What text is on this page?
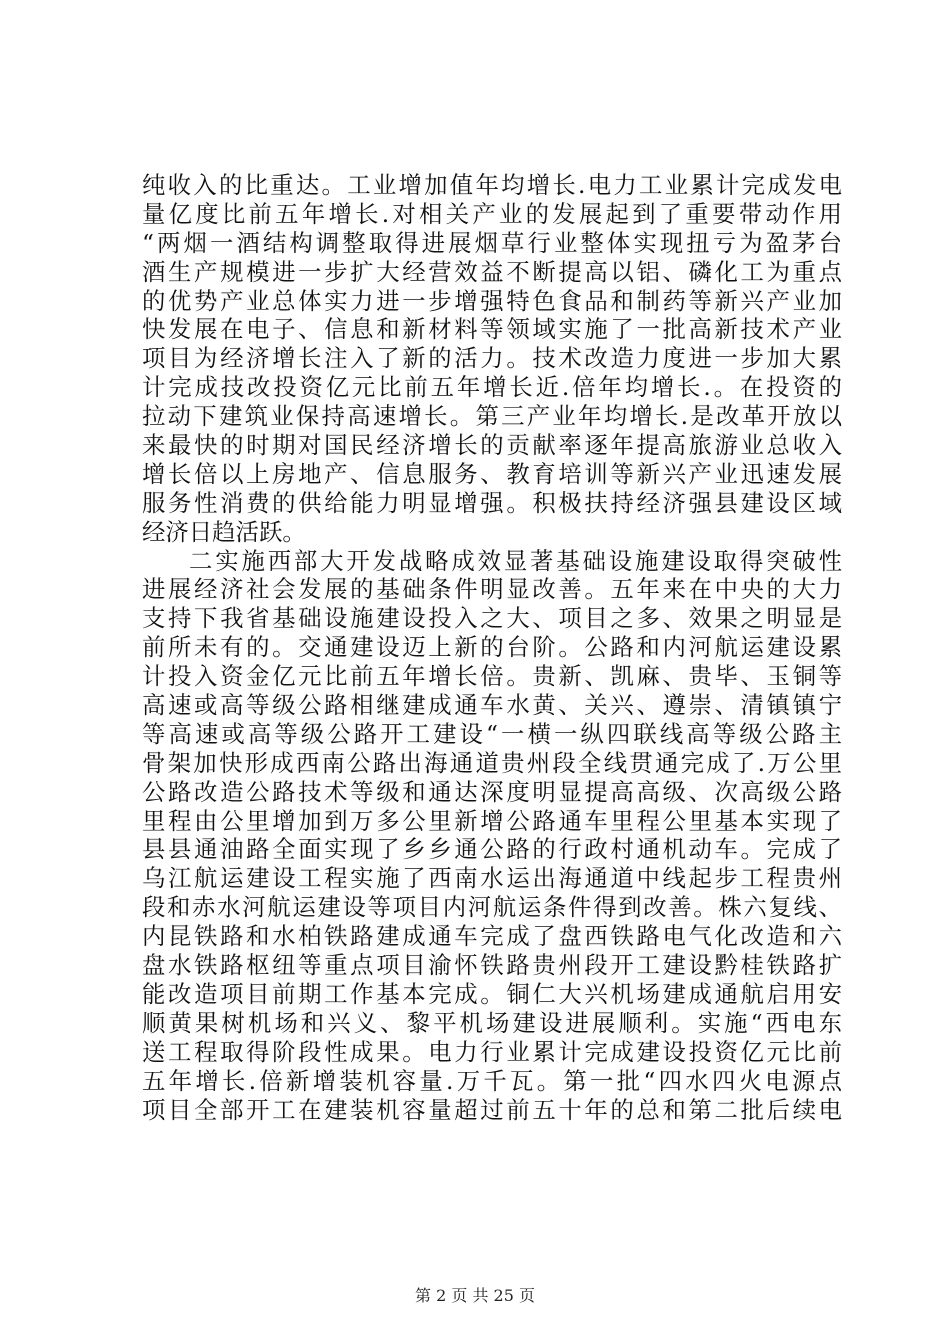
纯收入的比重达。工业增加值年均增长.电力工业累计完成发电
量亿度比前五年增长.对相关产业的发展起到了重要带动作用
“两烟一酒结构调整取得进展烟草行业整体实现扭亏为盈茅台
酒生产规模进一步扩大经营效益不断提高以铝、磷化工为重点
的优势产业总体实力进一步增强特色食品和制药等新兴产业加
快发展在电子、信息和新材料等领域实施了一批高新技术产业
项目为经济增长注入了新的活力。技术改造力度进一步加大累
计完成技改投资亿元比前五年增长近.倍年均增长.。在投资的
拉动下建筑业保持高速增长。第三产业年均增长.是改革开放以
来最快的时期对国民经济增长的贡献率逐年提高旅游业总收入
增长倍以上房地产、信息服务、教育培训等新兴产业迅速发展
服务性消费的供给能力明显增强。积极扶持经济强县建设区域
经济日趋活跃。
二实施西部大开发战略成效显著基础设施建设取得突破性
进展经济社会发展的基础条件明显改善。五年来在中央的大力
支持下我省基础设施建设投入之大、项目之多、效果之明显是
前所未有的。交通建设迈上新的台阶。公路和内河航运建设累
计投入资金亿元比前五年增长倍。贵新、凯麻、贵毕、玉铜等
高速或高等级公路相继建成通车水黄、关兴、遵崇、清镇镇宁
等高速或高等级公路开工建设“一横一纵四联线高等级公路主
骨架加快形成西南公路出海通道贵州段全线贯通完成了.万公里
公路改造公路技术等级和通达深度明显提高高级、次高级公路
里程由公里增加到万多公里新增公路通车里程公里基本实现了
县县通油路全面实现了乡乡通公路的行政村通机动车。完成了
乌江航运建设工程实施了西南水运出海通道中线起步工程贵州
段和赤水河航运建设等项目内河航运条件得到改善。株六复线、
内昆铁路和水柏铁路建成通车完成了盘西铁路电气化改造和六
盘水铁路枢纽等重点项目渝怀铁路贵州段开工建设黔桂铁路扩
能改造项目前期工作基本完成。铜仁大兴机场建成通航启用安
顺黄果树机场和兴义、黎平机场建设进展顺利。实施“西电东
送工程取得阶段性成果。电力行业累计完成建设投资亿元比前
五年增长.倍新增装机容量.万千瓦。第一批“四水四火电源点
项目全部开工在建装机容量超过前五十年的总和第二批后续电
第 2 页 共 25 页
